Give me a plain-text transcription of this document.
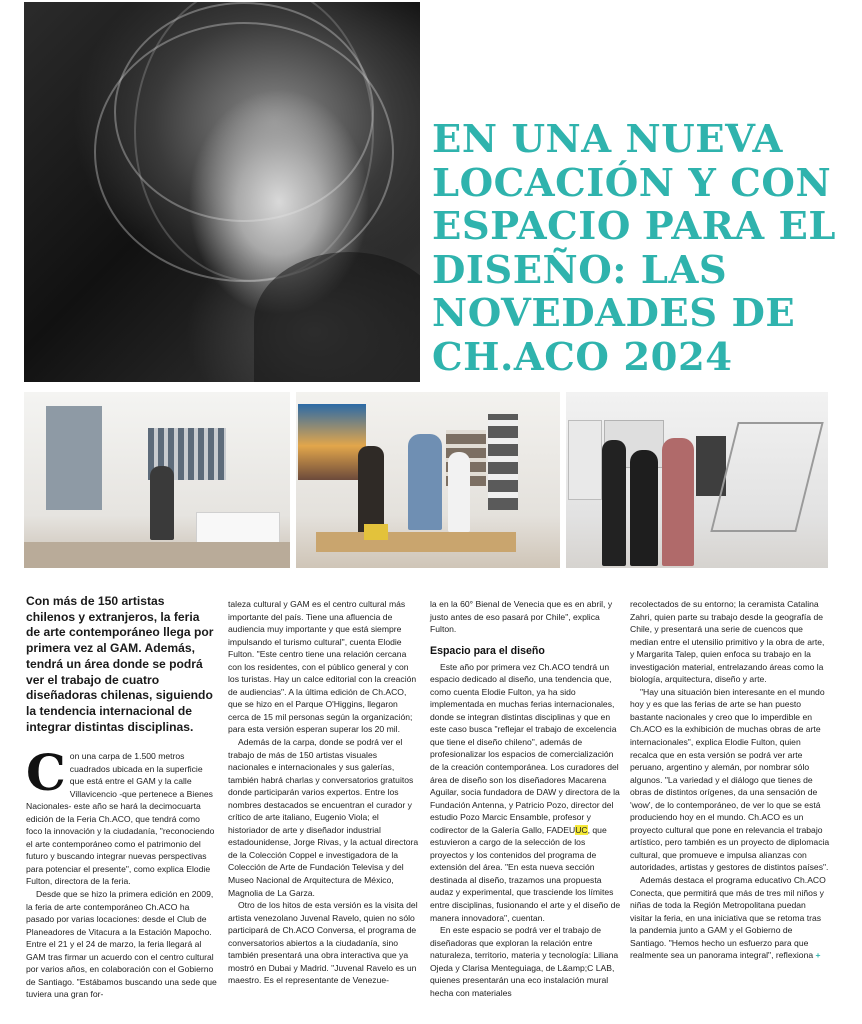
EN UNA NUEVA LOCACIÓN Y CON ESPACIO PARA EL DISEÑO: LAS NOVEDADES DE CH.ACO 2024
Con más de 150 artistas chilenos y extranjeros, la feria de arte contemporáneo llega por primera vez al GAM. Además, tendrá un área donde se podrá ver el trabajo de cuatro diseñadoras chilenas, siguiendo la tendencia internacional de integrar distintas disciplinas.

Con una carpa de 1.500 metros cuadrados ubicada en la superficie que está entre el GAM y la calle Villavicencio -que pertenece a Bienes Nacionales- este año se hará la decimocuarta edición de la Feria Ch.ACO, que tendrá como foco la innovación y la ciudadanía, "reconociendo el arte contemporáneo como el patrimonio del futuro y buscando integrar nuevas perspectivas para potenciar el presente", como explica Elodie Fulton, directora de la feria.

Desde que se hizo la primera edición en 2009, la feria de arte contemporáneo Ch.ACO ha pasado por varias locaciones: desde el Club de Planeadores de Vitacura a la Estación Mapocho. Entre el 21 y el 24 de marzo, la feria llegará al GAM tras firmar un acuerdo con el centro cultural por varios años, en colaboración con el Gobierno de Santiago. "Estábamos buscando una sede que tuviera una gran for-

taleza cultural y GAM es el centro cultural más importante del país. Tiene una afluencia de audiencia muy importante y que está siempre impulsando el turismo cultural", cuenta Elodie Fulton. "Este centro tiene una relación cercana con los residentes, con el público general y con los turistas. Hay un calce editorial con la creación de audiencias". A la última edición de Ch.ACO, que se hizo en el Parque O'Higgins, llegaron cerca de 15 mil personas según la organización; para esta versión esperan superar los 20 mil.

Además de la carpa, donde se podrá ver el trabajo de más de 150 artistas visuales nacionales e internacionales y sus galerías, también habrá charlas y conversatorios gratuitos donde participarán varios expertos. Entre los nombres destacados se encuentran el curador y crítico de arte italiano, Eugenio Viola; el historiador de arte y diseñador industrial estadounidense, Jorge Rivas, y la actual directora de la Colección Coppel e investigadora de la Colección de Arte de Fundación Televisa y del Museo Nacional de Arquitectura de México, Magnolia de La Garza.

Otro de los hitos de esta versión es la visita del artista venezolano Juvenal Ravelo, quien no sólo participará de Ch.ACO Conversa, el programa de conversatorios abiertos a la ciudadanía, sino también presentará una obra interactiva que ya mostró en Dubai y Madrid. "Juvenal Ravelo es un maestro. Es el representante de Venezue-

la en la 60° Bienal de Venecia que es en abril, y justo antes de eso pasará por Chile", explica Fulton.

Espacio para el diseño

Este año por primera vez Ch.ACO tendrá un espacio dedicado al diseño, una tendencia que, como cuenta Elodie Fulton, ya ha sido implementada en muchas ferias internacionales, donde se integran distintas disciplinas y que en este caso busca "reflejar el trabajo de excelencia que tiene el diseño chileno", además de profesionalizar los espacios de comercialización de la creación contemporánea. Los curadores del área de diseño son los diseñadores Macarena Aguilar, socia fundadora de DAW y directora de la Fundación Antenna, y Patricio Pozo, director del estudio Pozo Marcic Ensamble, profesor y codirector de la Galería Gallo, FADEUUC, que estuvieron a cargo de la selección de los proyectos y los contenidos del programa de extensión del área. "En esta nueva sección destinada al diseño, trazamos una propuesta audaz y experimental, que trasciende los límites entre disciplinas, fusionando el arte y el diseño de manera innovadora", cuentan.

En este espacio se podrá ver el trabajo de diseñadoras que exploran la relación entre naturaleza, territorio, materia y tecnología: Liliana Ojeda y Clarisa Menteguiaga, de L&amp;C LAB, quienes presentarán una eco instalación mural hecha con materiales

recolectados de su entorno; la ceramista Catalina Zahri, quien parte su trabajo desde la geografía de Chile, y presentará una serie de cuencos que median entre el utensilio primitivo y la obra de arte, y Margarita Talep, quien enfoca su trabajo en la investigación material, entrelazando áreas como la biología, arquitectura, diseño y arte.

"Hay una situación bien interesante en el mundo hoy y es que las ferias de arte se han puesto bastante nacionales y creo que lo imperdible en Ch.ACO es la exhibición de muchas obras de arte internacionales", explica Elodie Fulton, quien recalca que en esta versión se podrá ver arte peruano, argentino y alemán, por nombrar sólo algunos. "La variedad y el diálogo que tienes de obras de distintos orígenes, da una sensación de 'wow', de lo contemporáneo, de ver lo que se está produciendo hoy en el mundo. Ch.ACO es un proyecto cultural que pone en relevancia el trabajo artístico, pero también es un proyecto de diplomacia cultural, que promueve e impulsa alianzas con autoridades, artistas y gestores de distintos países".

Además destaca el programa educativo Ch.ACO Conecta, que permitirá que más de tres mil niños y niñas de toda la Región Metropolitana puedan visitar la feria, en una iniciativa que se retoma tras la pandemia junto a GAM y el Gobierno de Santiago. "Hemos hecho un esfuerzo para que realmente sea un panorama integral", reflexiona +
